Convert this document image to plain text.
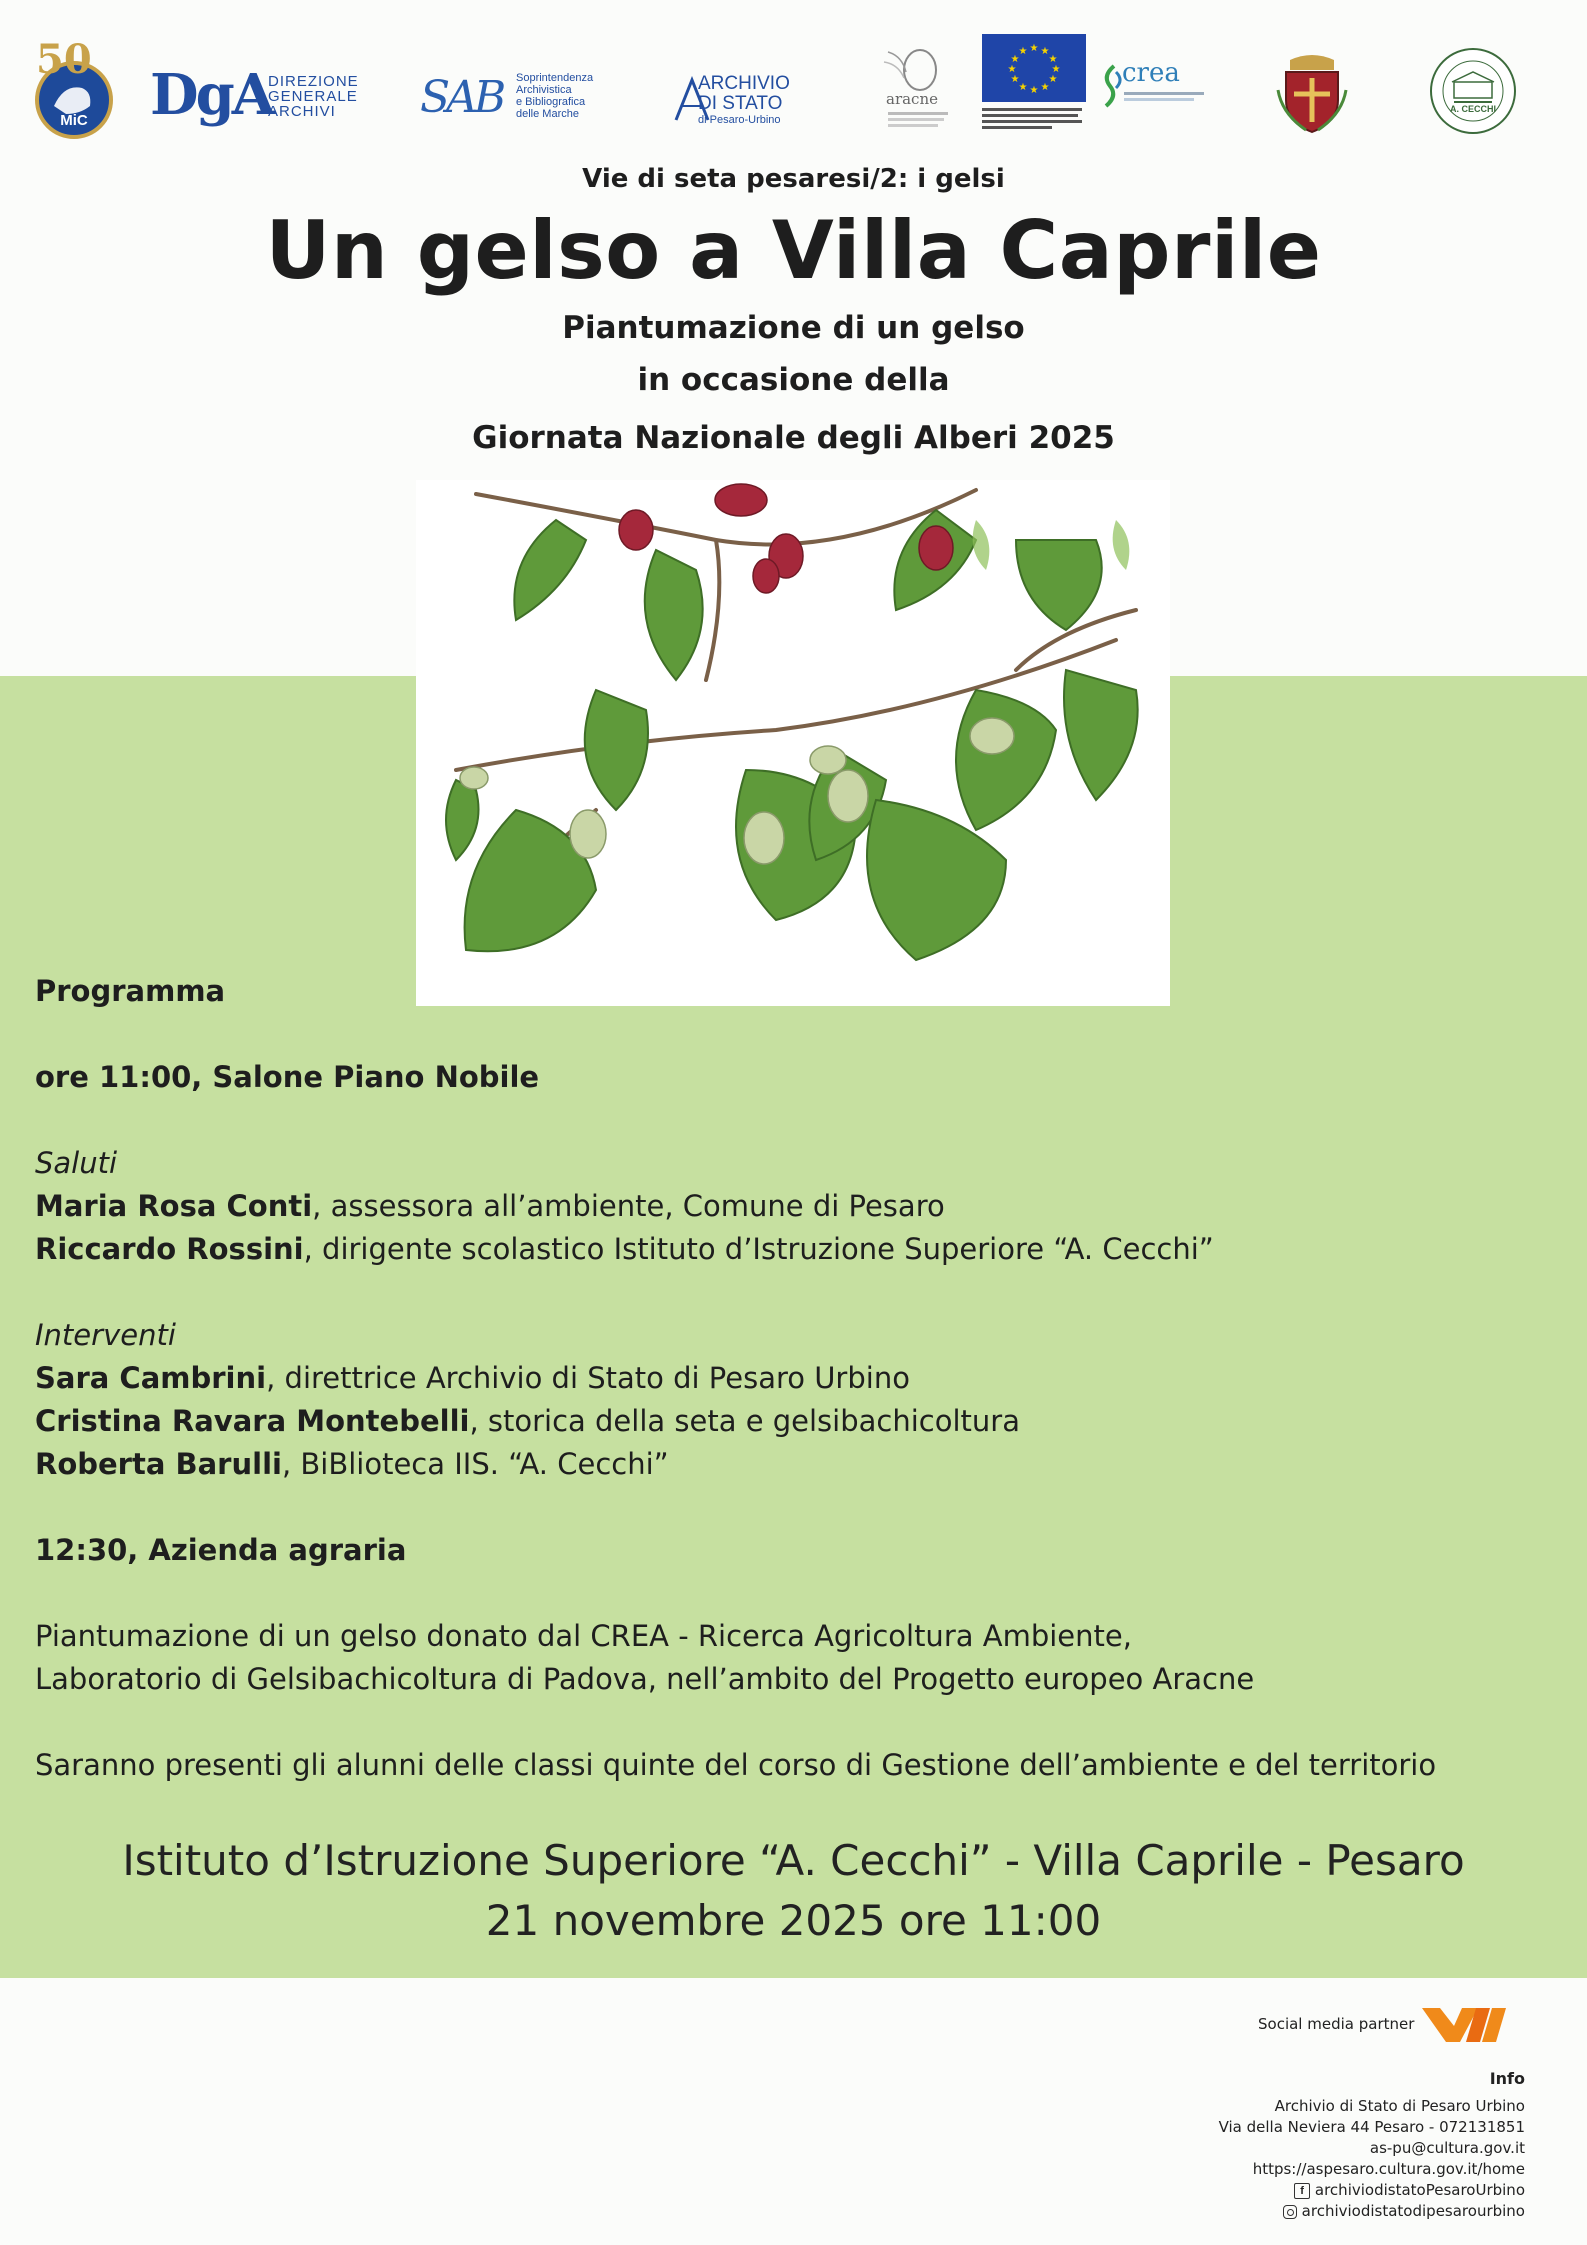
50
MiC DgA
DIREZIONE
GENERALE
ARCHIVI	SAB Soprintendenza
Archivistica
e Bibliografica
delle Marche
ARCHIVIO
DI STATO
di Pesaro-Urbino
aracne
★ ★
★
★
★
★
★
★
★
★
★
★
crea
A. CECCHI
Vie di seta pesaresi/2: i gelsi
Un gelso a Villa Caprile
Piantumazione di un gelso
in occasione della
Giornata Nazionale degli Alberi 2025
Programma
ore 11:00, Salone Piano Nobile
Saluti
Maria Rosa Conti, assessora all’ambiente, Comune di Pesaro
Riccardo Rossini, dirigente scolastico Istituto d’Istruzione Superiore “A. Cecchi”
Interventi
Sara Cambrini, direttrice Archivio di Stato di Pesaro Urbino
Cristina Ravara Montebelli, storica della seta e gelsibachicoltura
Roberta Barulli, BiBlioteca IIS. “A. Cecchi”
12:30, Azienda agraria
Piantumazione di un gelso donato dal CREA - Ricerca Agricoltura Ambiente,
Laboratorio di Gelsibachicoltura di Padova, nell’ambito del Progetto europeo Aracne
Saranno presenti gli alunni delle classi quinte del corso di Gestione dell’ambiente e del territorio
Istituto d’Istruzione Superiore “A. Cecchi” - Villa Caprile - Pesaro
21 novembre 2025 ore 11:00
Social media partner
Info
Archivio di Stato di Pesaro Urbino
Via della Neviera 44 Pesaro - 072131851
as-pu@cultura.gov.it
https://aspesaro.cultura.gov.it/home
f archiviodistatoPesaroUrbino
archiviodistatodipesarourbino
